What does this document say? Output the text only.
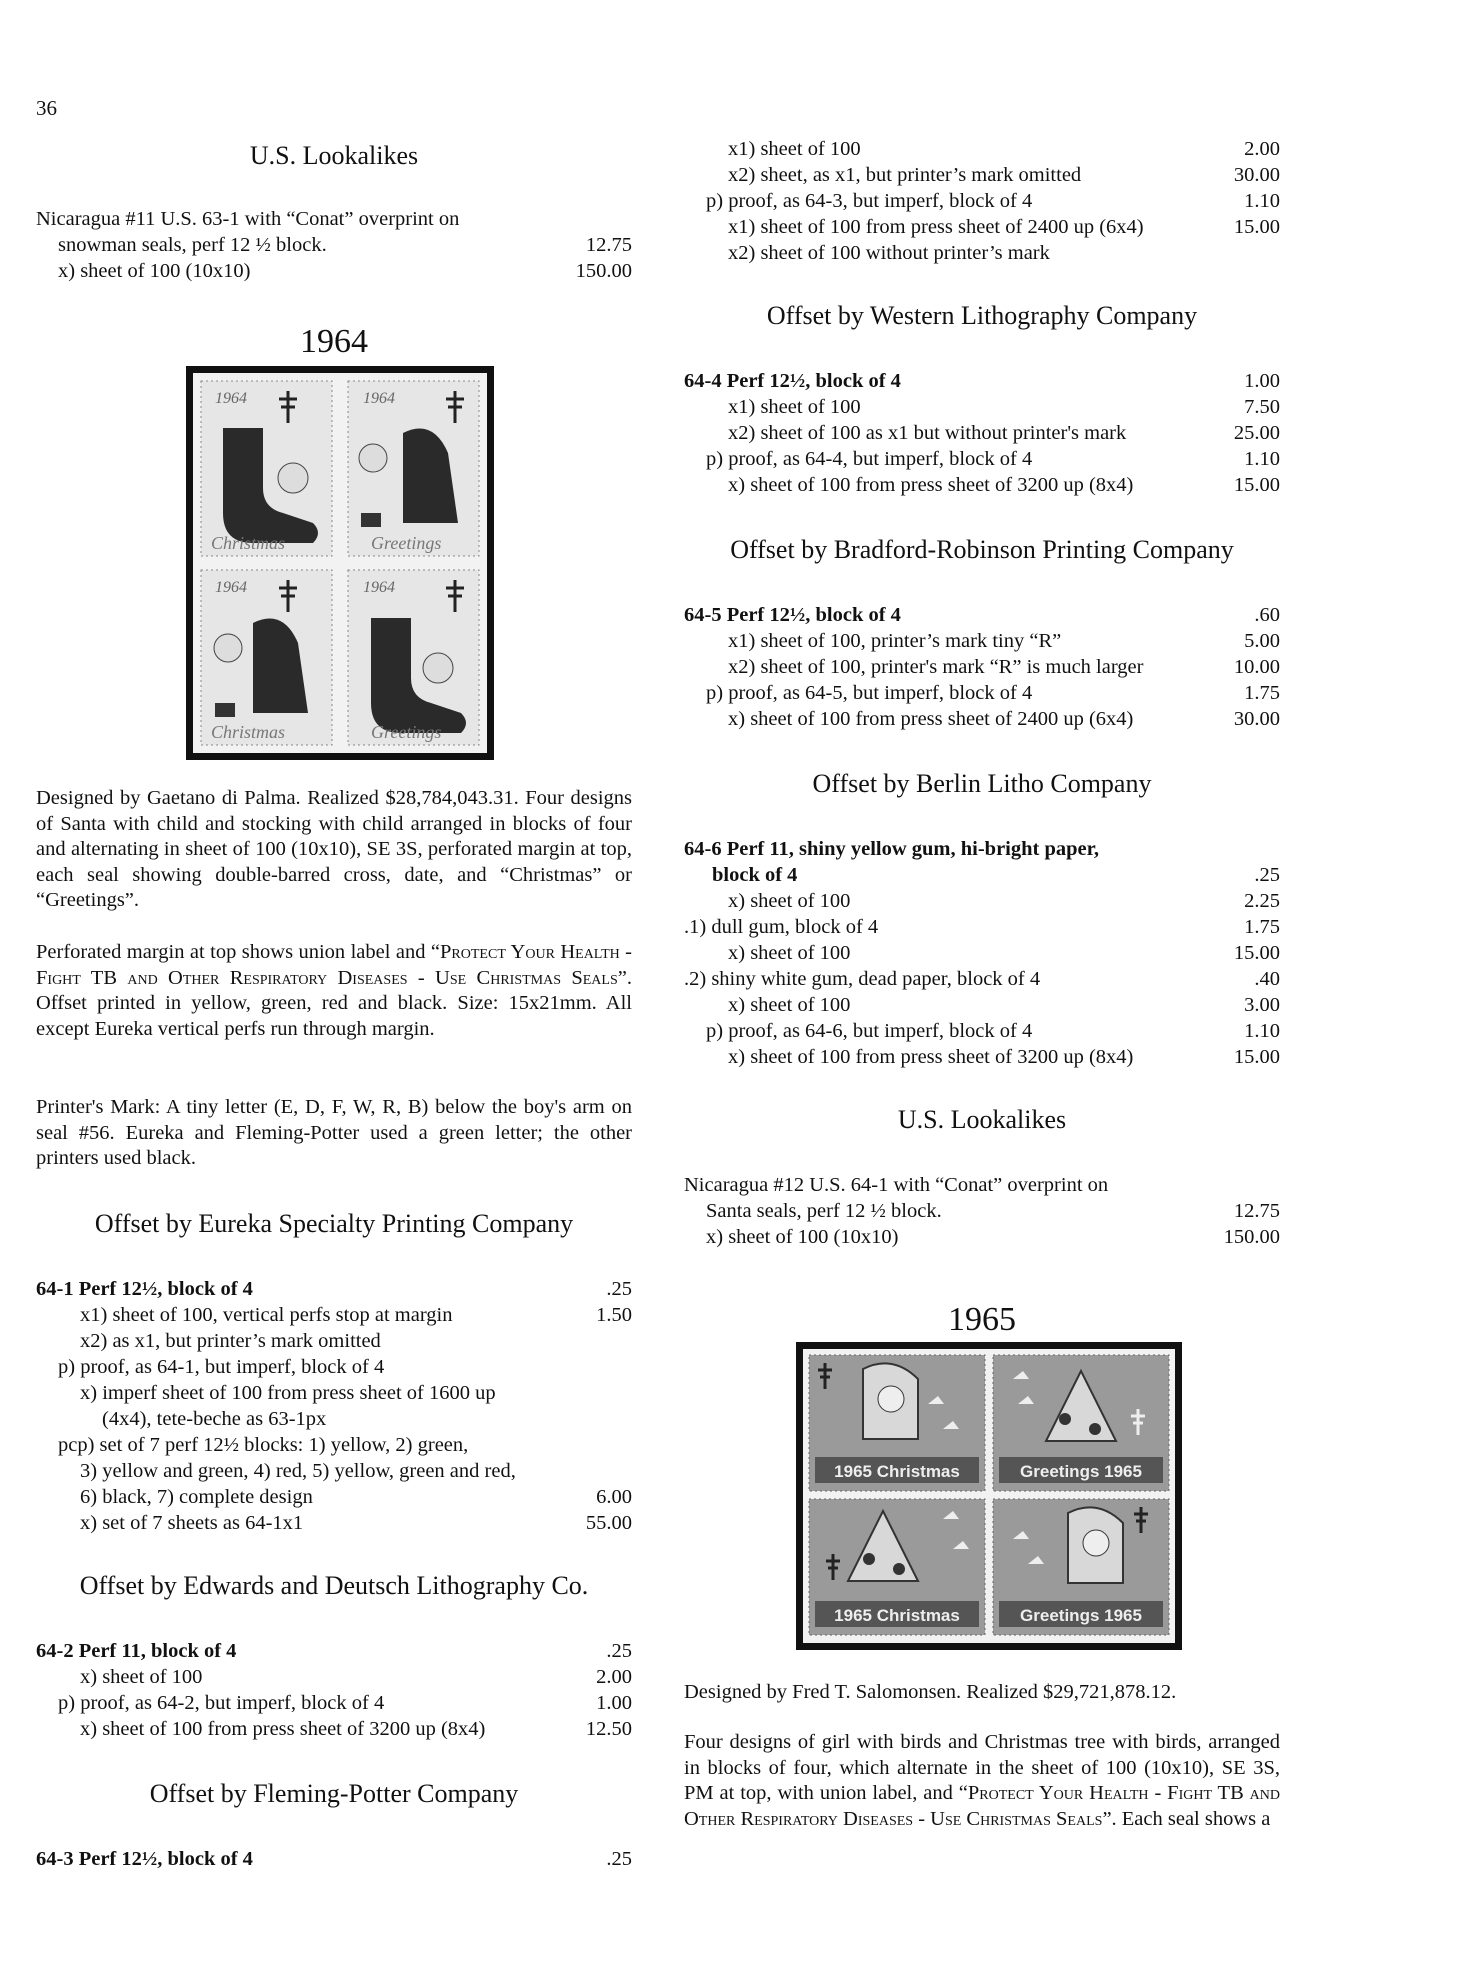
36
U.S. Lookalikes
Nicaragua #11 U.S. 63-1 with “Conat” overprint on
snowman seals, perf 12 ½ block.	12.75
x) sheet of 100 (10x10)	150.00
1964
1964
Christmas
1964
Greetings
1964
Christmas
1964
Greetings
Designed by Gaetano di Palma. Realized $28,784,043.31. Four designs of Santa with child and stocking with child arranged in blocks of four and alternating in sheet of 100 (10x10), SE 3S, perforated margin at top, each seal showing double-barred cross, date, and “Christmas” or “Greetings”.
Perforated margin at top shows union label and “Protect Your Health - Fight TB and Other Respiratory Diseases - Use Christmas Seals”. Offset printed in yellow, green, red and black. Size: 15x21mm. All except Eureka vertical perfs run through margin.
Printer's Mark: A tiny letter (E, D, F, W, R, B) below the boy's arm on seal #56. Eureka and Fleming-Potter used a green letter; the other printers used black.
Offset by Eureka Specialty Printing Company
64-1 Perf 12½, block of 4	.25
x1) sheet of 100, vertical perfs stop at margin	1.50
x2) as x1, but printer’s mark omitted
p) proof, as 64-1, but imperf, block of 4
x) imperf sheet of 100 from press sheet of 1600 up
(4x4), tete-beche as 63-1px
pcp) set of 7 perf 12½ blocks: 1) yellow, 2) green,
3) yellow and green, 4) red, 5) yellow, green and red,
6) black, 7) complete design	6.00
x) set of 7 sheets as 64-1x1	55.00
Offset by Edwards and Deutsch Lithography Co.
64-2 Perf 11, block of 4	.25
x) sheet of 100	2.00
p) proof, as 64-2, but imperf, block of 4	1.00
x) sheet of 100 from press sheet of 3200 up (8x4)	12.50
Offset by Fleming-Potter Company
64-3 Perf 12½, block of 4	.25
x1) sheet of 100	2.00
x2) sheet, as x1, but printer’s mark omitted	30.00
p) proof, as 64-3, but imperf, block of 4	1.10
x1) sheet of 100 from press sheet of 2400 up (6x4)	15.00
x2) sheet of 100 without printer’s mark
Offset by Western Lithography Company
64-4 Perf 12½, block of 4	1.00
x1) sheet of 100	7.50
x2) sheet of 100 as x1 but without printer's mark	25.00
p) proof, as 64-4, but imperf, block of 4	1.10
x) sheet of 100 from press sheet of 3200 up (8x4)	15.00
Offset by Bradford-Robinson Printing Company
64-5 Perf 12½, block of 4	.60
x1) sheet of 100, printer’s mark tiny “R”	5.00
x2) sheet of 100, printer's mark “R” is much larger	10.00
p) proof, as 64-5, but imperf, block of 4	1.75
x) sheet of 100 from press sheet of 2400 up (6x4)	30.00
Offset by Berlin Litho Company
64-6 Perf 11, shiny yellow gum, hi-bright paper,
block of 4	.25
x) sheet of 100	2.25
.1) dull gum, block of 4	1.75
x) sheet of 100	15.00
.2) shiny white gum, dead paper, block of 4	.40
x) sheet of 100	3.00
p) proof, as 64-6, but imperf, block of 4	1.10
x) sheet of 100 from press sheet of 3200 up (8x4)	15.00
U.S. Lookalikes
Nicaragua #12 U.S. 64-1 with “Conat” overprint on
Santa seals, perf 12 ½ block.	12.75
x) sheet of 100 (10x10)	150.00
1965
1965 Christmas	Greetings 1965
1965 Christmas	Greetings 1965
Designed by Fred T. Salomonsen. Realized $29,721,878.12.
Four designs of girl with birds and Christmas tree with birds, arranged in blocks of four, which alternate in the sheet of 100 (10x10), SE 3S, PM at top, with union label, and “Protect Your Health - Fight TB and Other Respiratory Diseases - Use Christmas Seals”. Each seal shows a
